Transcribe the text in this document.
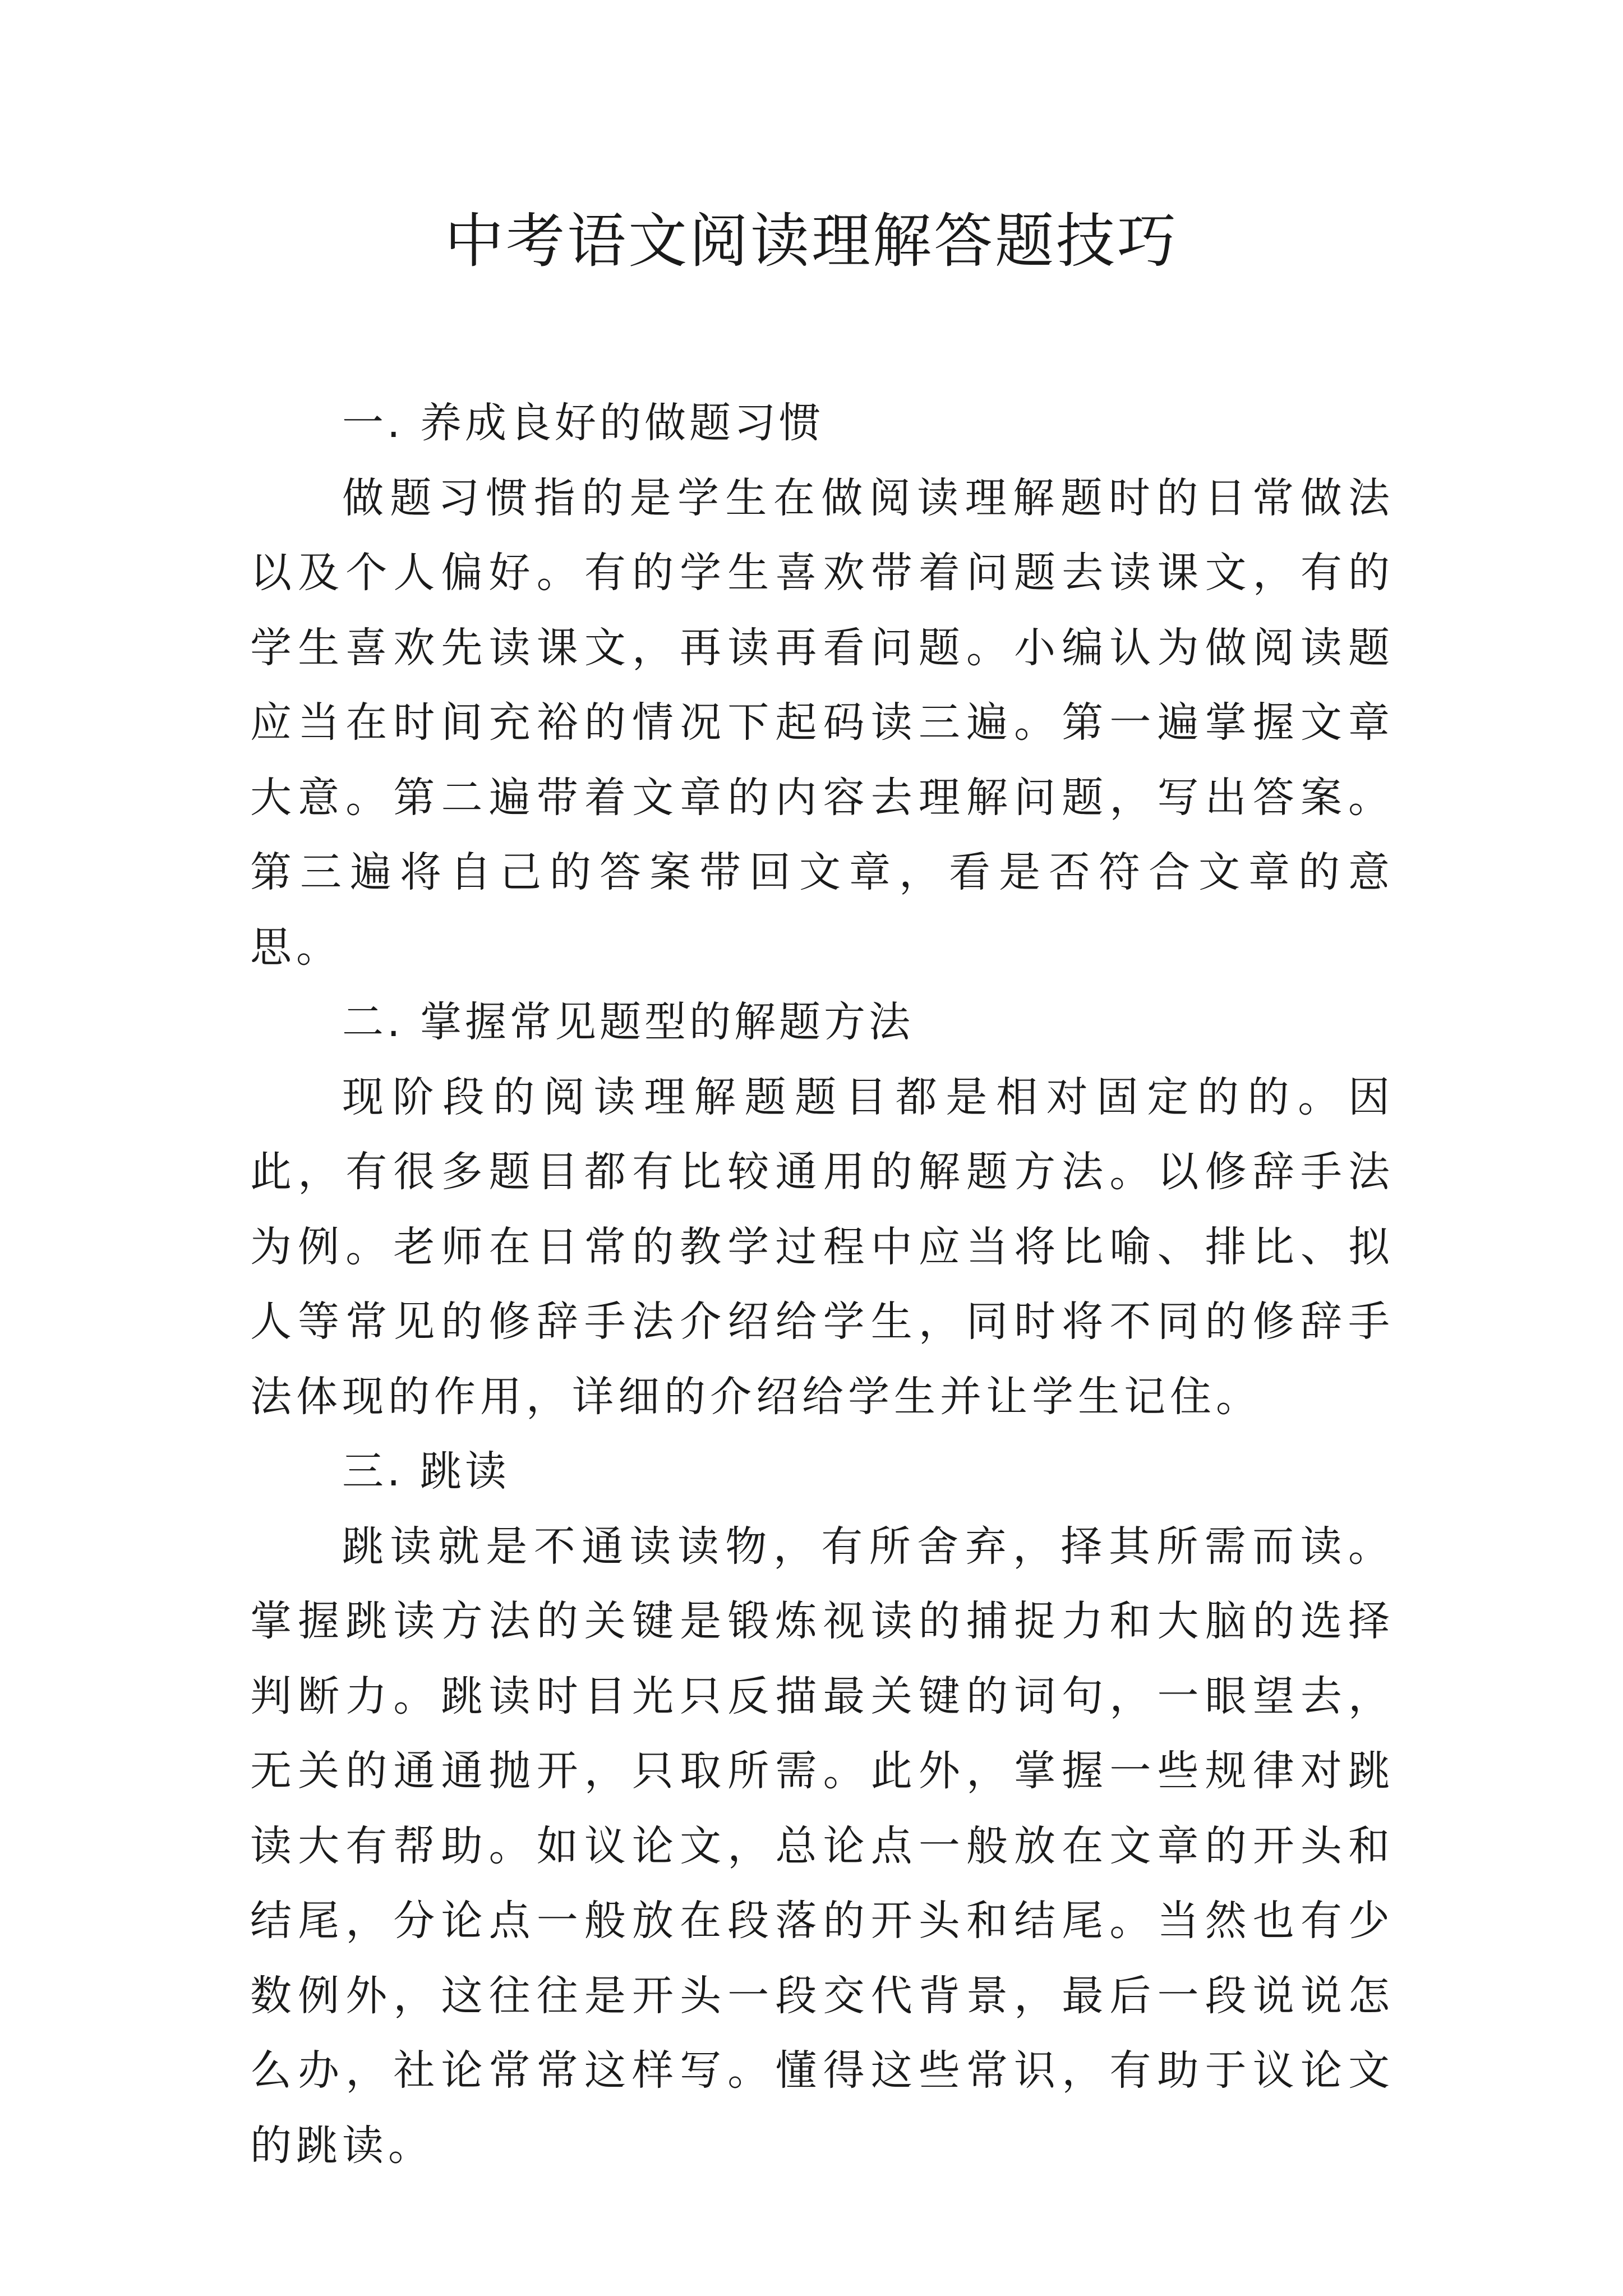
中考语文阅读理解答题技巧

一. 养成良好的做题习惯

做题习惯指的是学生在做阅读理解题时的日常做法以及个人偏好。有的学生喜欢带着问题去读课文，有的学生喜欢先读课文，再读再看问题。小编认为做阅读题应当在时间充裕的情况下起码读三遍。第一遍掌握文章大意。第二遍带着文章的内容去理解问题，写出答案。第三遍将自己的答案带回文章，看是否符合文章的意思。

二. 掌握常见题型的解题方法

现阶段的阅读理解题题目都是相对固定的的。因此，有很多题目都有比较通用的解题方法。以修辞手法为例。老师在日常的教学过程中应当将比喻、排比、拟人等常见的修辞手法介绍给学生，同时将不同的修辞手法体现的作用，详细的介绍给学生并让学生记住。

三. 跳读

跳读就是不通读读物，有所舍弃，择其所需而读。掌握跳读方法的关键是锻炼视读的捕捉力和大脑的选择判断力。跳读时目光只反描最关键的词句，一眼望去，无关的通通抛开，只取所需。此外，掌握一些规律对跳读大有帮助。如议论文，总论点一般放在文章的开头和结尾，分论点一般放在段落的开头和结尾。当然也有少数例外，这往往是开头一段交代背景，最后一段说说怎么办，社论常常这样写。懂得这些常识，有助于议论文的跳读。
